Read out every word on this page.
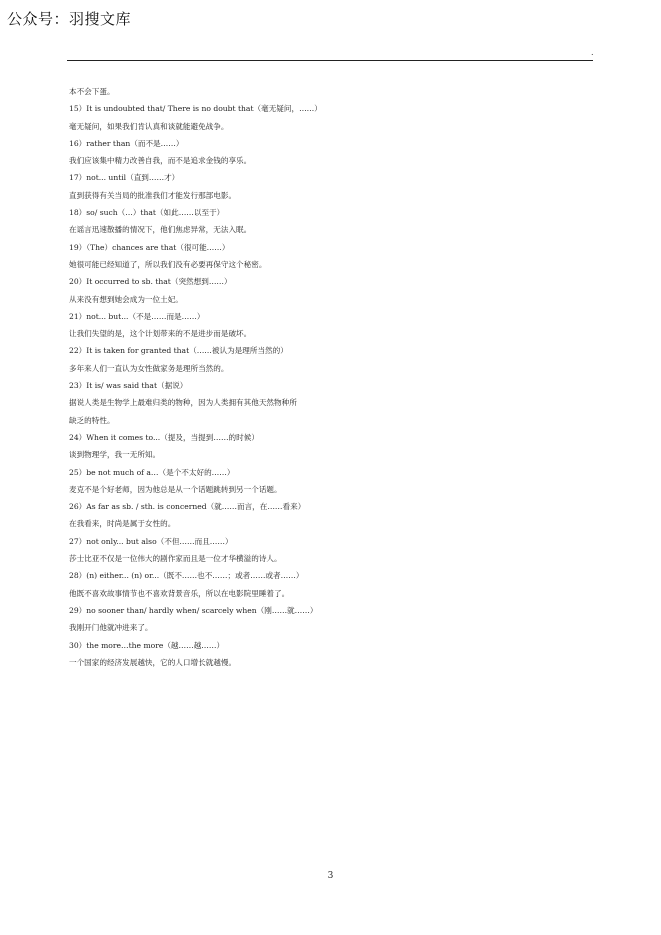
公众号：羽搜文库
.
本不会下蛋。
15）It is undoubted that/ There is no doubt that（毫无疑问，……）
毫无疑问，如果我们肯认真和谈就能避免战争。
16）rather than（而不是……）
我们应该集中精力改善自我，而不是追求金钱的享乐。
17）not... until（直到……才）
直到获得有关当局的批准我们才能发行那部电影。
18）so/ such（…）that（如此……以至于）
在谣言迅速散播的情况下，他们焦虑异常，无法入眠。
19）（The）chances are that（很可能……）
她很可能已经知道了，所以我们没有必要再保守这个秘密。
20）It occurred to sb. that（突然想到……）
从来没有想到她会成为一位土妃。
21）not... but...（不是……而是……）
让我们失望的是，这个计划带来的不是进步而是破坏。
22）It is taken for granted that（……被认为是理所当然的）
多年来人们一直认为女性做家务是理所当然的。
23）It is/ was said that（据说）
据说人类是生物学上最难归类的物种，因为人类拥有其他天然物种所
缺乏的特性。
24）When it comes to...（提及，当提到……的时候）
谈到物理学，我一无所知。
25）be not much of a…（是个不太好的……）
麦克不是个好老师，因为他总是从一个话题跳转到另一个话题。
26）As far as sb. / sth. is concerned（就……而言，在……看来）
在我看来，时尚是属于女性的。
27）not only... but also（不但……而且……）
莎士比亚不仅是一位伟大的剧作家而且是一位才华横溢的诗人。
28）(n) either... (n) or...（既不……也不……；或者……或者……）
他既不喜欢故事情节也不喜欢背景音乐，所以在电影院里睡着了。
29）no sooner than/ hardly when/ scarcely when（刚……就……）
我刚开门他就冲进来了。
30）the more…the more（越……越……）
一个国家的经济发展越快，它的人口增长就越慢。
3
